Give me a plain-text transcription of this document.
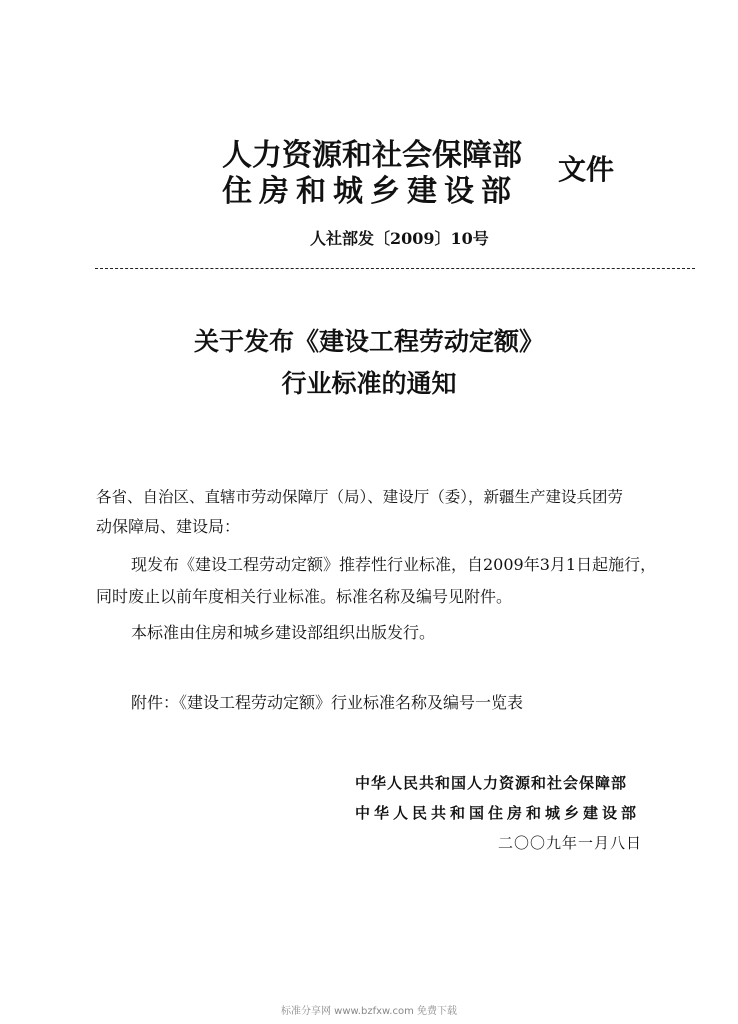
人力资源和社会保障部
住房和城乡建设部
文件
人社部发〔2009〕10号
关于发布《建设工程劳动定额》
行业标准的通知
各省、自治区、直辖市劳动保障厅（局）、建设厅（委），新疆生产建设兵团劳
动保障局、建设局：
现发布《建设工程劳动定额》推荐性行业标准，自2009年3月1日起施行，
同时废止以前年度相关行业标准。标准名称及编号见附件。
本标准由住房和城乡建设部组织出版发行。
附件：《建设工程劳动定额》行业标准名称及编号一览表
中华人民共和国人力资源和社会保障部
中华人民共和国住房和城乡建设部
二〇〇九年一月八日
标准分享网 www.bzfxw.com 免费下载
